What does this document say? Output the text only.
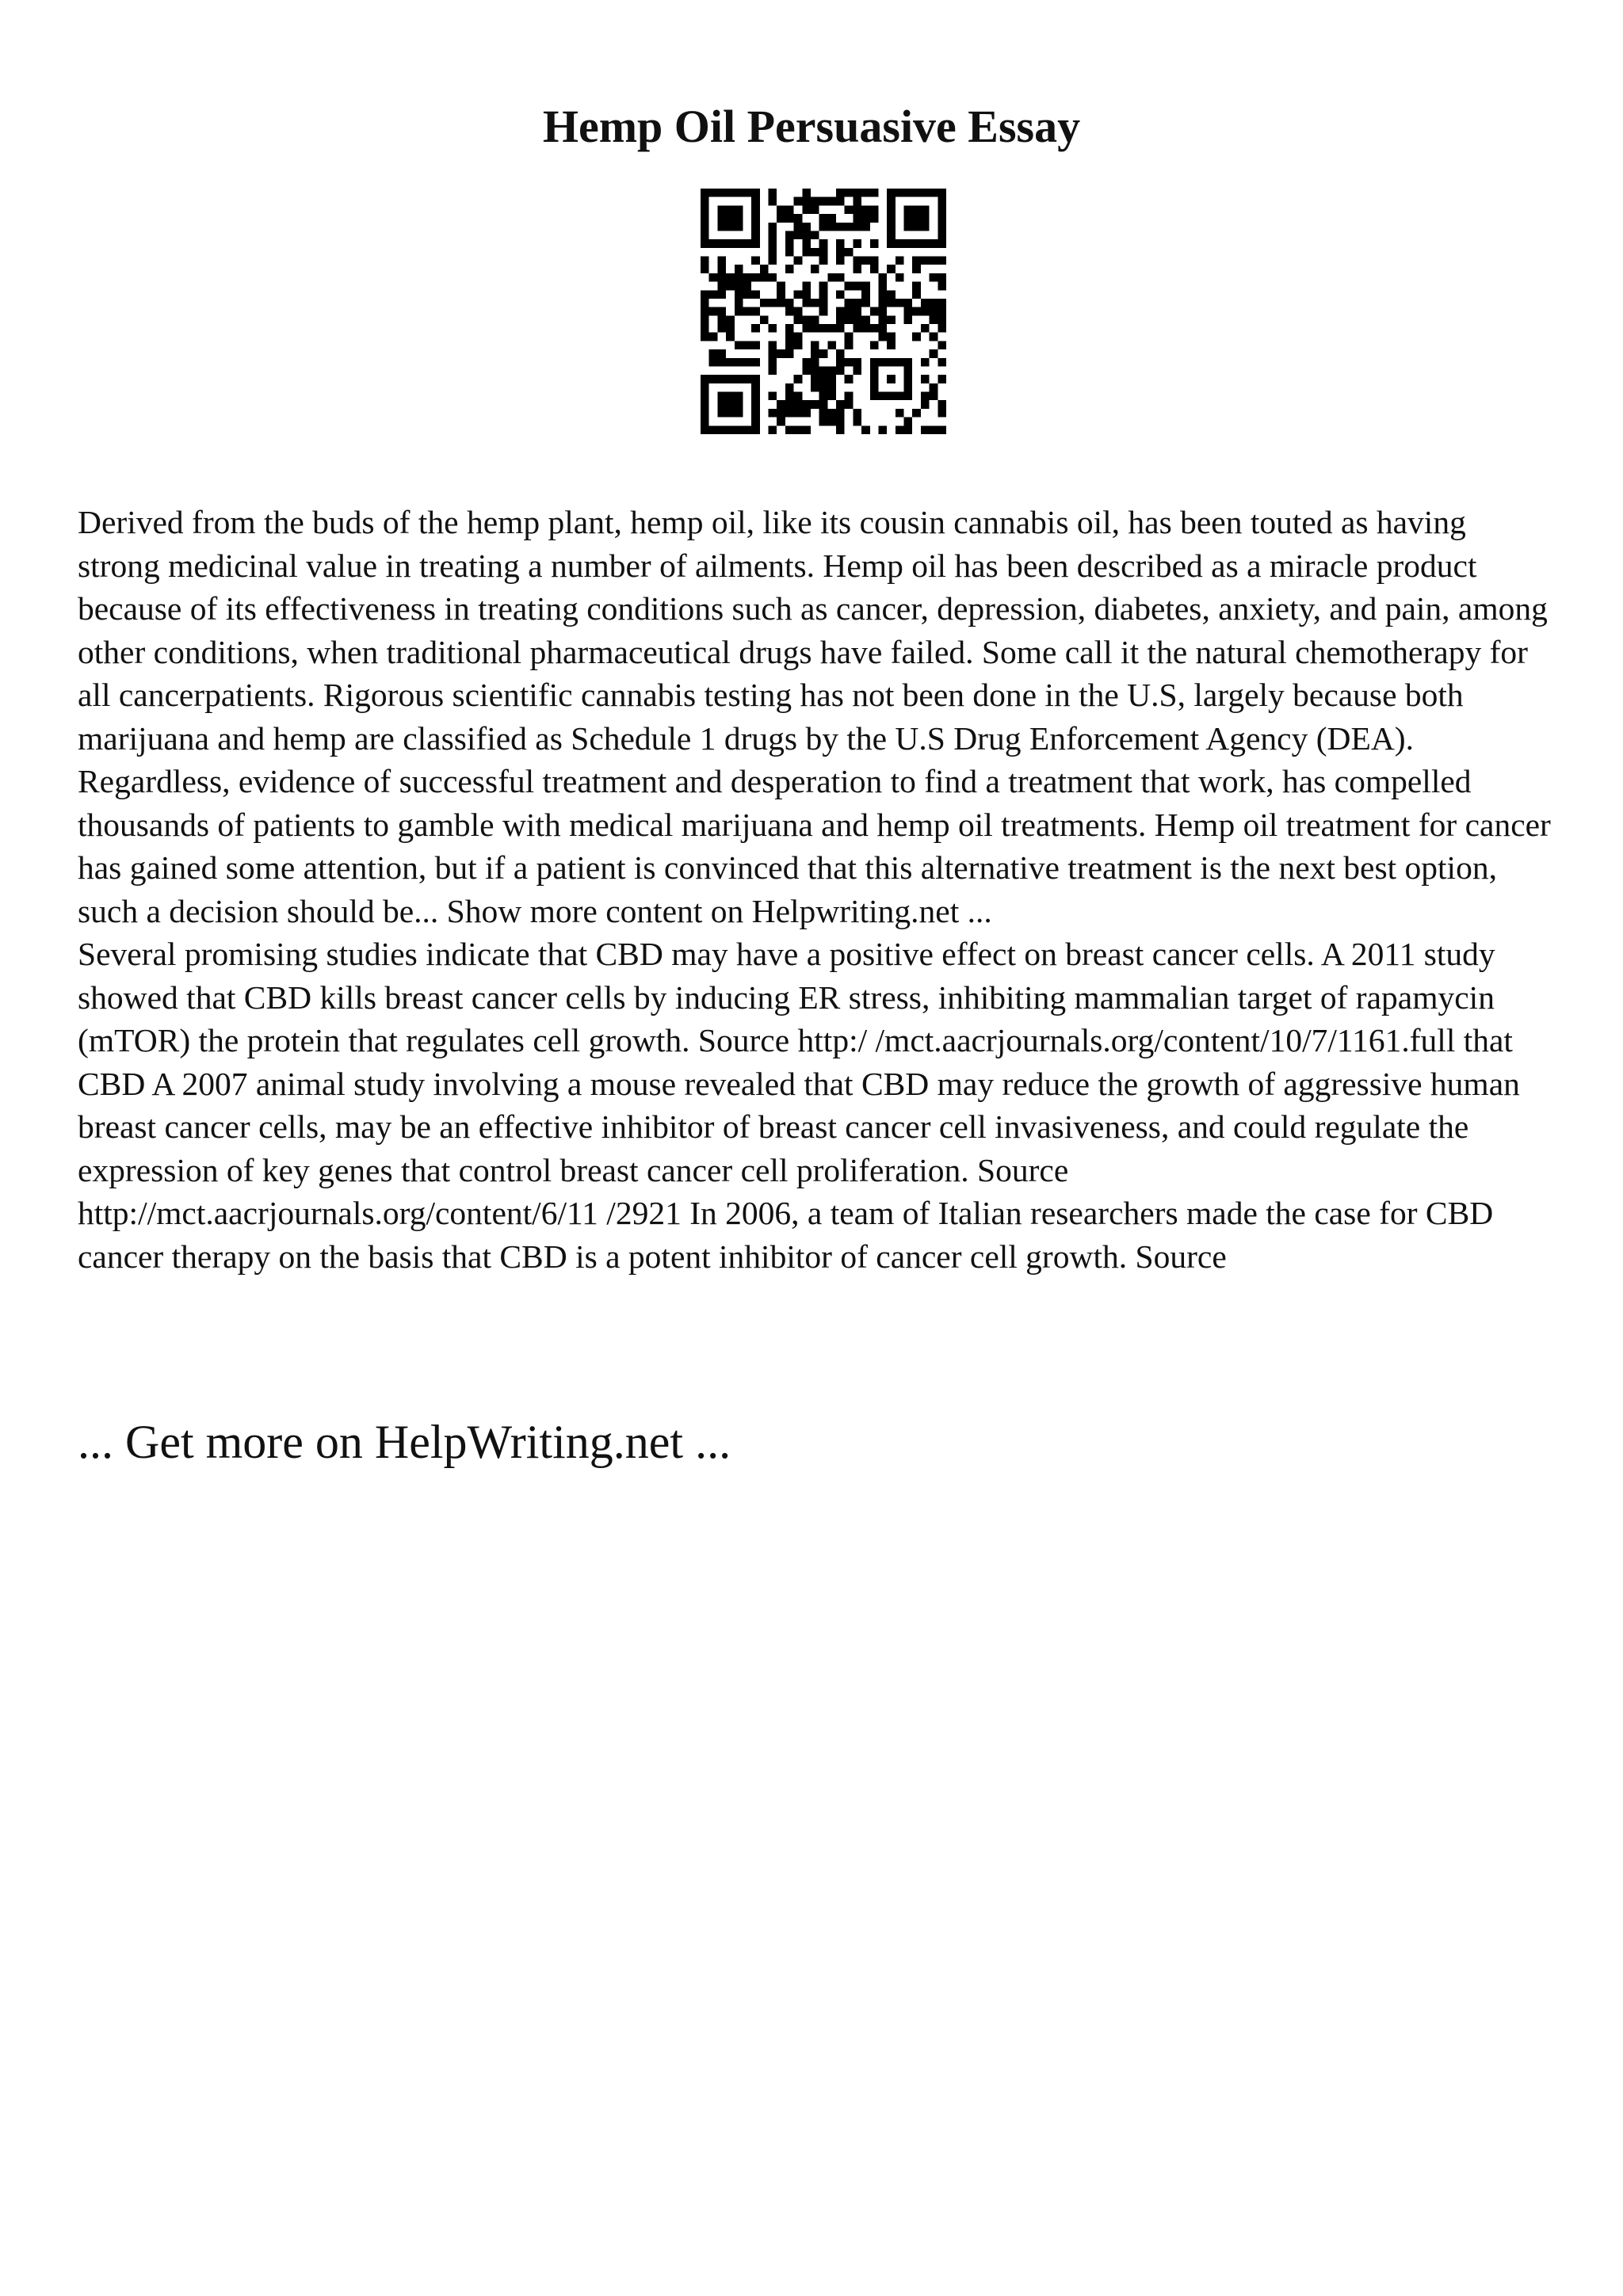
Hemp Oil Persuasive Essay

Derived from the buds of the hemp plant, hemp oil, like its cousin cannabis oil, has been touted as having strong medicinal value in treating a number of ailments. Hemp oil has been described as a miracle product because of its effectiveness in treating conditions such as cancer, depression, diabetes, anxiety, and pain, among other conditions, when traditional pharmaceutical drugs have failed. Some call it the natural chemotherapy for all cancerpatients. Rigorous scientific cannabis testing has not been done in the U.S, largely because both marijuana and hemp are classified as Schedule 1 drugs by the U.S Drug Enforcement Agency (DEA). Regardless, evidence of successful treatment and desperation to find a treatment that work, has compelled thousands of patients to gamble with medical marijuana and hemp oil treatments. Hemp oil treatment for cancer has gained some attention, but if a patient is convinced that this alternative treatment is the next best option, such a decision should be... Show more content on Helpwriting.net ...

Several promising studies indicate that CBD may have a positive effect on breast cancer cells. A 2011 study showed that CBD kills breast cancer cells by inducing ER stress, inhibiting mammalian target of rapamycin (mTOR) the protein that regulates cell growth. Source http:/ /mct.aacrjournals.org/content/10/7/1161.full that CBD A 2007 animal study involving a mouse revealed that CBD may reduce the growth of aggressive human breast cancer cells, may be an effective inhibitor of breast cancer cell invasiveness, and could regulate the expression of key genes that control breast cancer cell proliferation. Source http://mct.aacrjournals.org/content/6/11 /2921 In 2006, a team of Italian researchers made the case for CBD cancer therapy on the basis that CBD is a potent inhibitor of cancer cell growth. Source

... Get more on HelpWriting.net ...
